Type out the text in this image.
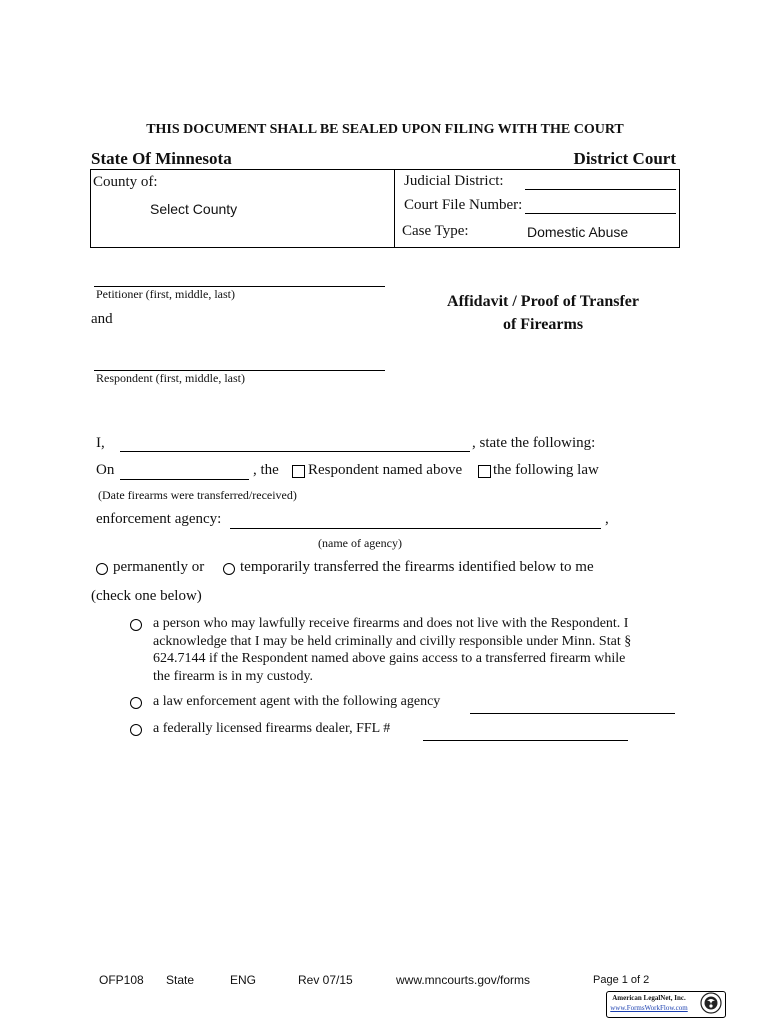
THIS DOCUMENT SHALL BE SEALED UPON FILING WITH THE COURT
State Of Minnesota	District Court
County of:
Select County
Judicial District:
Court File Number:
Case Type:	Domestic Abuse
Petitioner (first, middle, last)
and
Respondent (first, middle, last)
Affidavit / Proof of Transfer
of Firearms
I,	, state the following:
On	, the Respondent named above the following law
(Date firearms were transferred/received)
enforcement agency:	,
(name of agency)
permanently or temporarily transferred the firearms identified below to me
(check one below)
a person who may lawfully receive firearms and does not live with the Respondent. I
acknowledge that I may be held criminally and civilly responsible under Minn. Stat §
624.7144 if the Respondent named above gains access to a transferred firearm while
the firearm is in my custody.
a law enforcement agent with the following agency
a federally licensed firearms dealer, FFL #
OFP108 State	ENG	Rev 07/15	www.mncourts.gov/forms	Page 1 of 2
American LegalNet, Inc.
www.FormsWorkFlow.com
